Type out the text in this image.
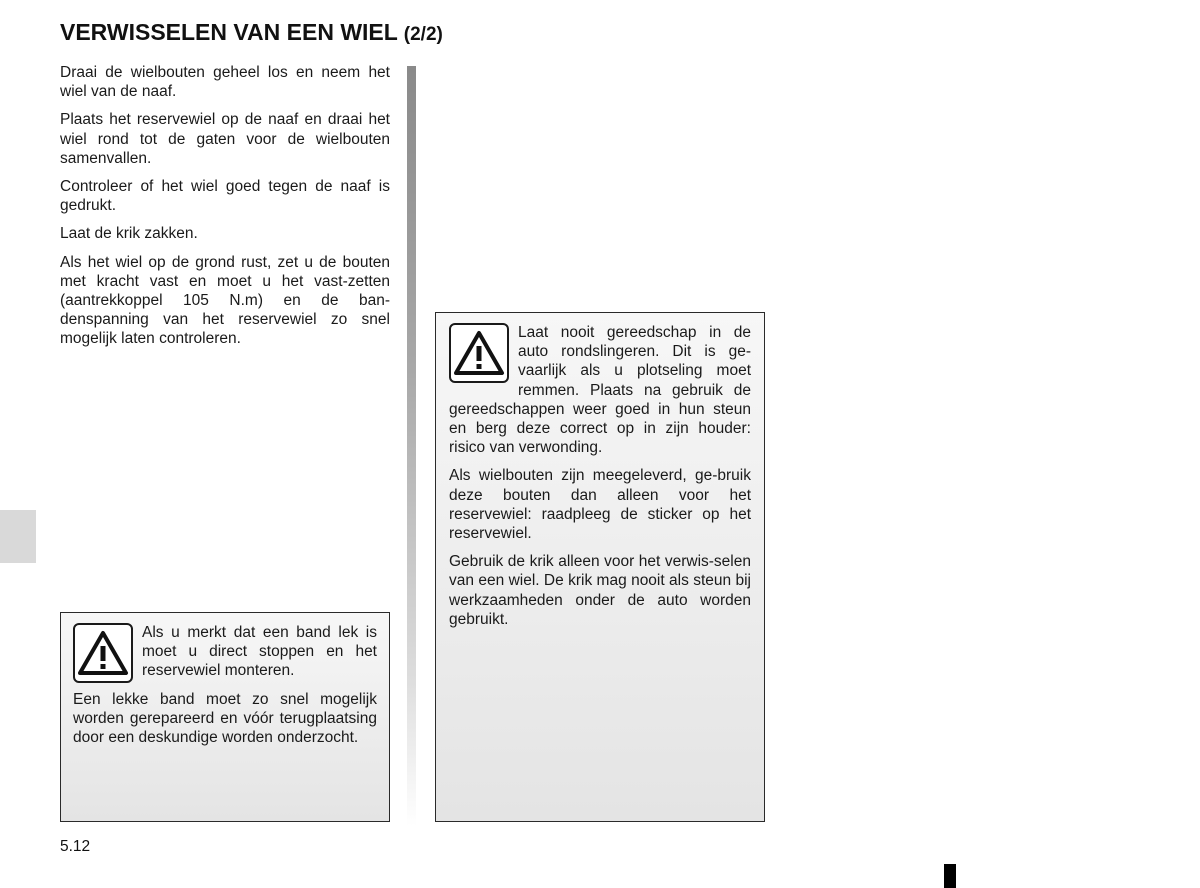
VERWISSELEN VAN EEN WIEL (2/2)

Draai de wielbouten geheel los en neem het wiel van de naaf.

Plaats het reservewiel op de naaf en draai het wiel rond tot de gaten voor de wielbouten samenvallen.

Controleer of het wiel goed tegen de naaf is gedrukt.

Laat de krik zakken.

Als het wiel op de grond rust, zet u de bouten met kracht vast en moet u het vast-zetten (aantrekkoppel 105 N.m) en de ban-denspanning van het reservewiel zo snel mogelijk laten controleren.	Laat nooit gereedschap in de auto rondslingeren. Dit is ge-vaarlijk als u plotseling moet remmen. Plaats na gebruik de gereedschappen weer goed in hun steun en berg deze correct op in zijn houder: risico van verwonding.

Als wielbouten zijn meegeleverd, ge-bruik deze bouten dan alleen voor het reservewiel: raadpleeg de sticker op het reservewiel.

Gebruik de krik alleen voor het verwis-selen van een wiel. De krik mag nooit als steun bij werkzaamheden onder de auto worden gebruikt.

Als u merkt dat een band lek is moet u direct stoppen en het reservewiel monteren.

Een lekke band moet zo snel mogelijk worden gerepareerd en vóór terugplaatsing door een deskundige worden onderzocht.

5.12
